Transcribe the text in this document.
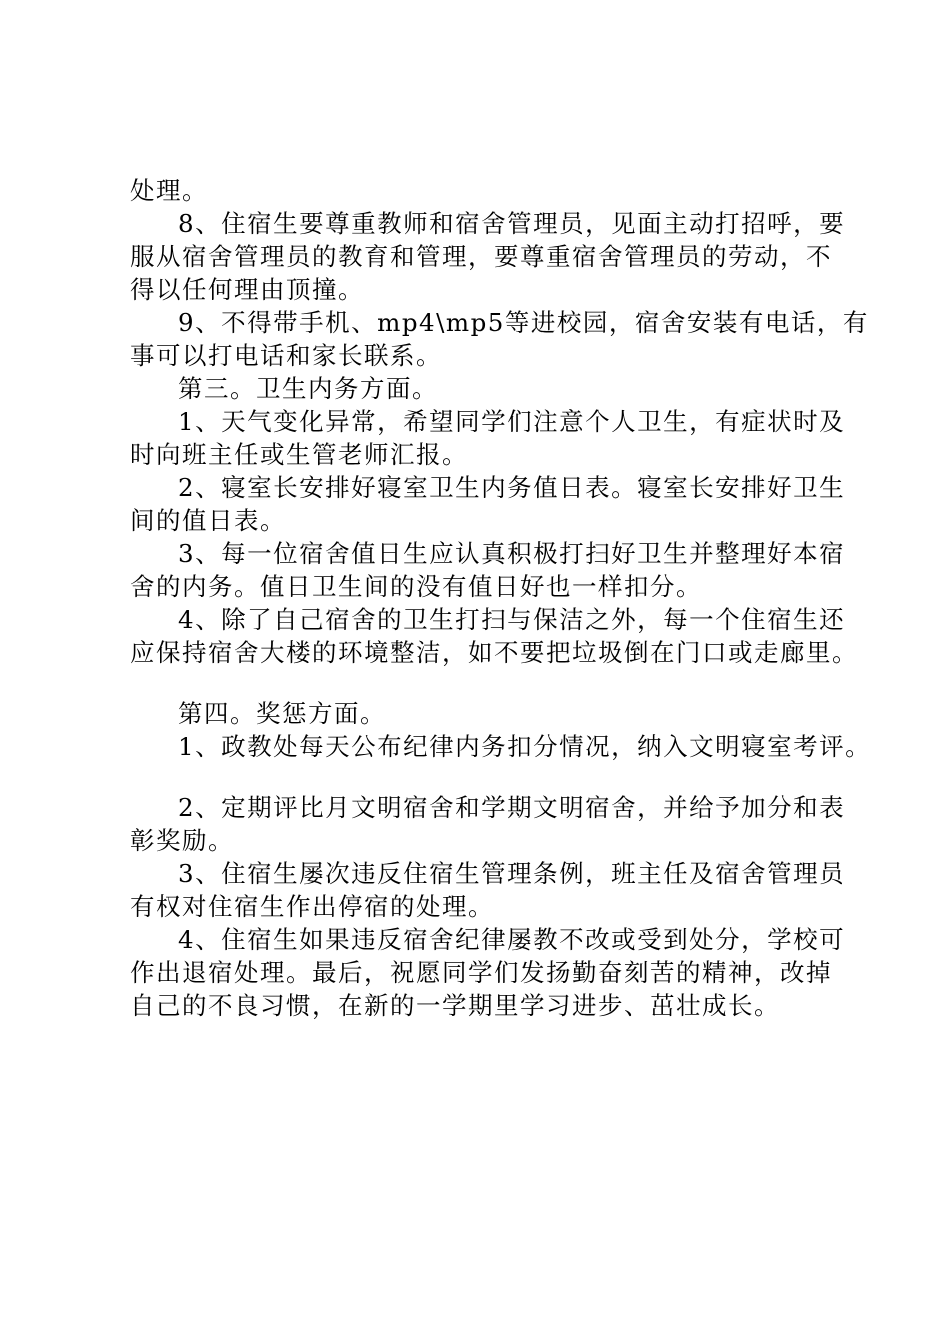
处理。
8、住宿生要尊重教师和宿舍管理员，见面主动打招呼，要
服从宿舍管理员的教育和管理，要尊重宿舍管理员的劳动，不
得以任何理由顶撞。
9、不得带手机、mp4\mp5等进校园，宿舍安装有电话，有
事可以打电话和家长联系。
第三。卫生内务方面。
1、天气变化异常，希望同学们注意个人卫生，有症状时及
时向班主任或生管老师汇报。
2、寝室长安排好寝室卫生内务值日表。寝室长安排好卫生
间的值日表。
3、每一位宿舍值日生应认真积极打扫好卫生并整理好本宿
舍的内务。值日卫生间的没有值日好也一样扣分。
4、除了自己宿舍的卫生打扫与保洁之外，每一个住宿生还
应保持宿舍大楼的环境整洁，如不要把垃圾倒在门口或走廊里。
第四。奖惩方面。
1、政教处每天公布纪律内务扣分情况，纳入文明寝室考评。
2、定期评比月文明宿舍和学期文明宿舍，并给予加分和表
彰奖励。
3、住宿生屡次违反住宿生管理条例，班主任及宿舍管理员
有权对住宿生作出停宿的处理。
4、住宿生如果违反宿舍纪律屡教不改或受到处分，学校可
作出退宿处理。最后，祝愿同学们发扬勤奋刻苦的精神，改掉
自己的不良习惯，在新的一学期里学习进步、茁壮成长。
